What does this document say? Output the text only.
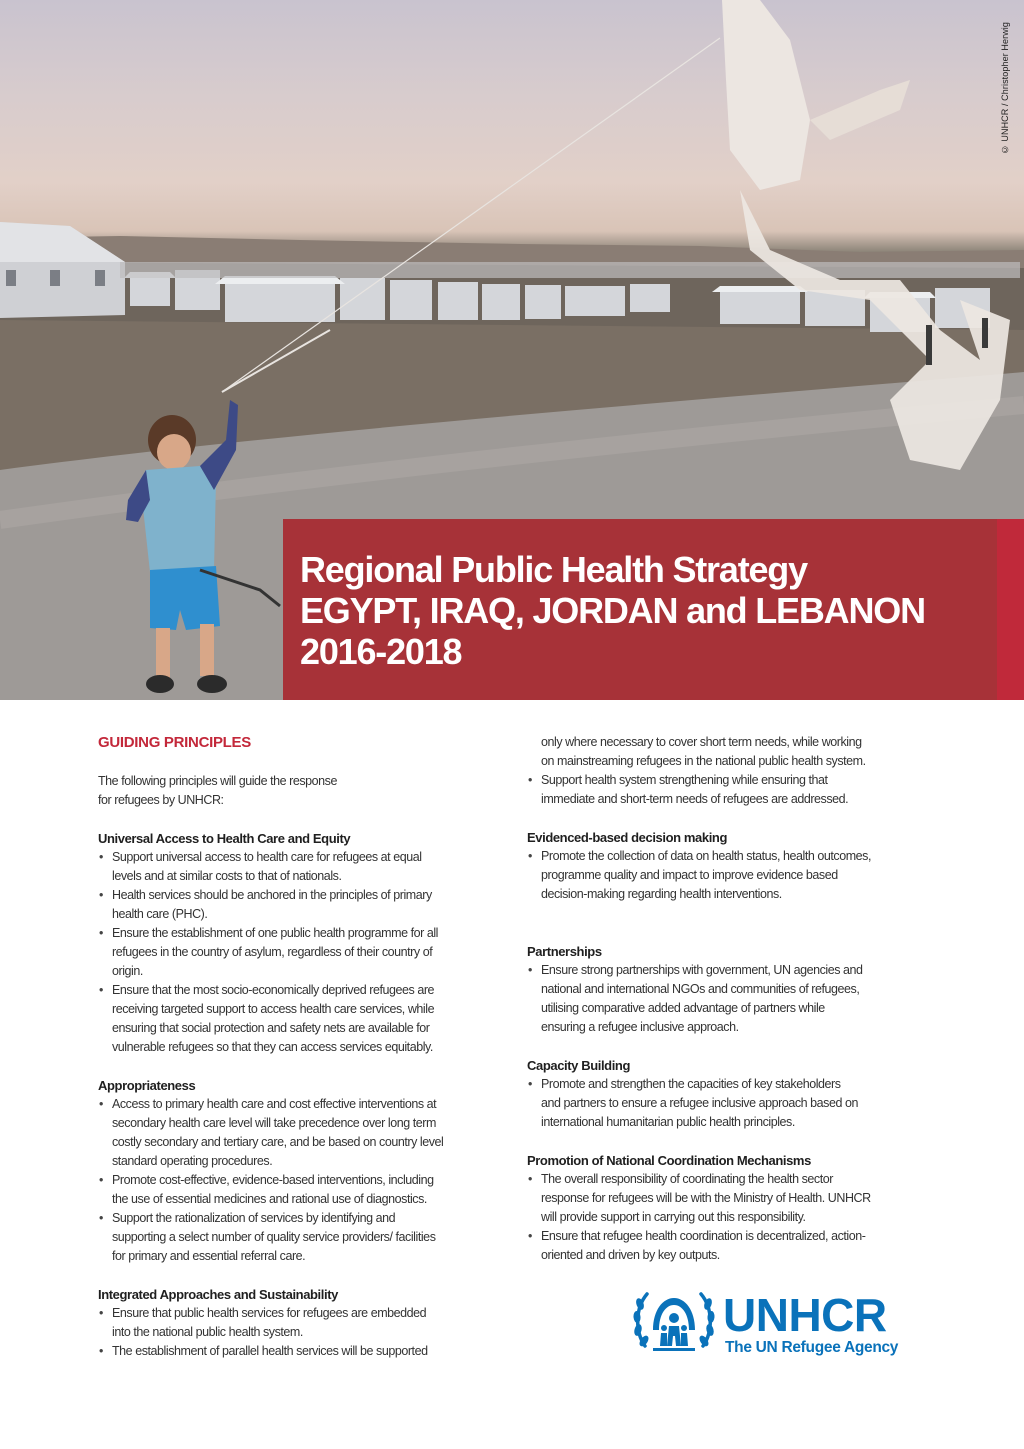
© UNHCR / Christopher Herwig
Regional Public Health Strategy
EGYPT, IRAQ, JORDAN and LEBANON
2016-2018
GUIDING PRINCIPLES
The following principles will guide the response
for refugees by UNHCR:
Universal Access to Health Care and Equity
• Support universal access to health care for refugees at equal
levels and at similar costs to that of nationals.
• Health services should be anchored in the principles of primary
health care (PHC).
• Ensure the establishment of one public health programme for all
refugees in the country of asylum, regardless of their country of
origin.
• Ensure that the most socio-economically deprived refugees are
receiving targeted support to access health care services, while
ensuring that social protection and safety nets are available for
vulnerable refugees so that they can access services equitably.
Appropriateness
• Access to primary health care and cost effective interventions at
secondary health care level will take precedence over long term
costly secondary and tertiary care, and be based on country level
standard operating procedures.
• Promote cost-effective, evidence-based interventions, including
the use of essential medicines and rational use of diagnostics.
• Support the rationalization of services by identifying and
supporting a select number of quality service providers/ facilities
for primary and essential referral care.
Integrated Approaches and Sustainability
• Ensure that public health services for refugees are embedded
into the national public health system.
• The establishment of parallel health services will be supported
only where necessary to cover short term needs, while working
on mainstreaming refugees in the national public health system.
• Support health system strengthening while ensuring that
immediate and short-term needs of refugees are addressed.
Evidenced-based decision making
• Promote the collection of data on health status, health outcomes,
programme quality and impact to improve evidence based
decision-making regarding health interventions.
Partnerships
• Ensure strong partnerships with government, UN agencies and
national and international NGOs and communities of refugees,
utilising comparative added advantage of partners while
ensuring a refugee inclusive approach.
Capacity Building
• Promote and strengthen the capacities of key stakeholders
and partners to ensure a refugee inclusive approach based on
international humanitarian public health principles.
Promotion of National Coordination Mechanisms
• The overall responsibility of coordinating the health sector
response for refugees will be with the Ministry of Health. UNHCR
will provide support in carrying out this responsibility.
• Ensure that refugee health coordination is decentralized, action-
oriented and driven by key outputs.
UNHCR
The UN Refugee Agency
